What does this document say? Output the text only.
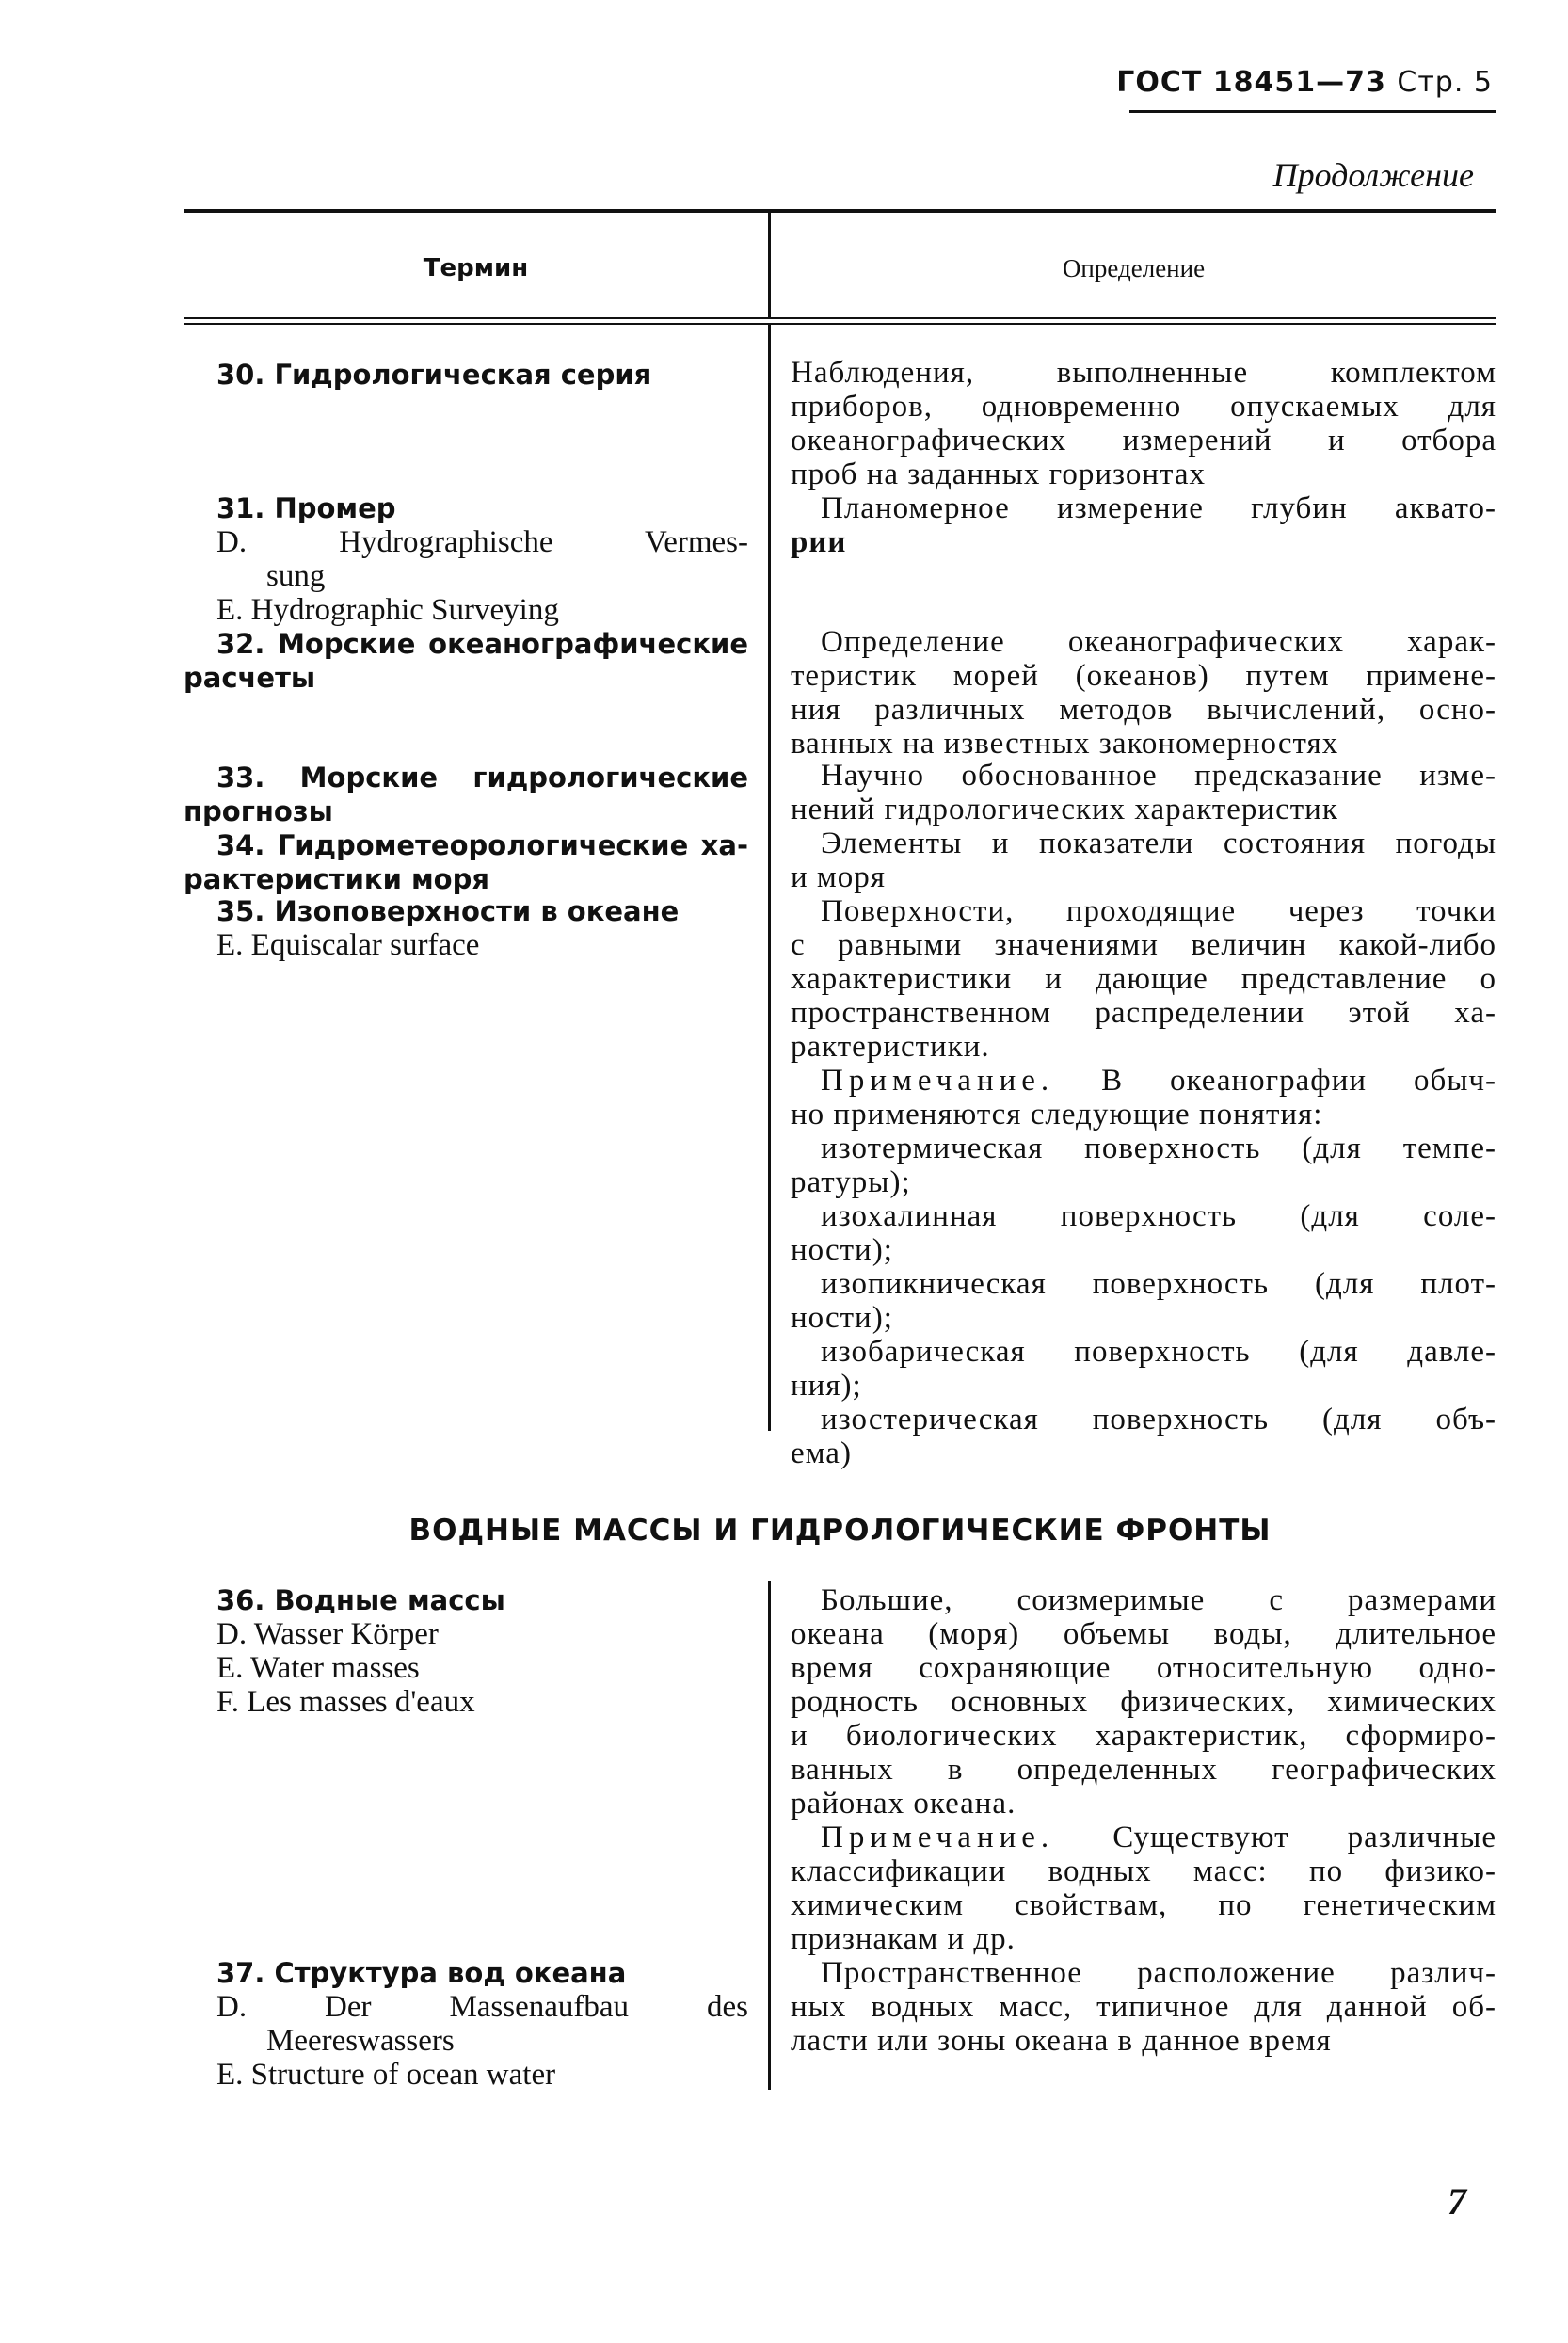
ГОСТ 18451—73 Стр. 5
Продолжение
Термин	Определение
30. Гидрологическая серия	Наблюдения, выполненные комплектом
приборов, одновременно опускаемых для
океанографических измерений и отбора
проб на заданных горизонтах
31. Промер
D. Hydrographische Vermes-
sung
E. Hydrographic Surveying
Планомерное измерение глубин аквато-
рии
32. Морские океанографические
расчеты
Определение океанографических харак-
теристик морей (океанов) путем примене-
ния различных методов вычислений, осно-
ванных на известных закономерностях
33. Морские гидрологические
прогнозы
Научно обоснованное предсказание изме-
нений гидрологических характеристик
34. Гидрометеорологические ха-
рактеристики моря
Элементы и показатели состояния погоды
и моря
35. Изоповерхности в океане
E. Equiscalar surface
Поверхности, проходящие через точки
с равными значениями величин какой-либо
характеристики и дающие представление о
пространственном распределении этой ха-
рактеристики.
Примечание. В океанографии обыч-
но применяются следующие понятия:
изотермическая поверхность (для темпе-
ратуры);
изохалинная поверхность (для соле-
ности);
изопикническая поверхность (для плот-
ности);
изобарическая поверхность (для давле-
ния);
изостерическая поверхность (для объ-
ема)
ВОДНЫЕ МАССЫ И ГИДРОЛОГИЧЕСКИЕ ФРОНТЫ
36. Водные массы
D. Wasser Körper
E. Water masses
F. Les masses d'eaux
Большие, соизмеримые с размерами
океана (моря) объемы воды, длительное
время сохраняющие относительную одно-
родность основных физических, химических
и биологических характеристик, сформиро-
ванных в определенных географических
районах океана.
Примечание. Существуют различные
классификации водных масс: по физико-
химическим свойствам, по генетическим
признакам и др.
37. Структура вод океана
D. Der Massenaufbau des
Meereswassers
E. Structure of ocean water
Пространственное расположение различ-
ных водных масс, типичное для данной об-
ласти или зоны океана в данное время
7
